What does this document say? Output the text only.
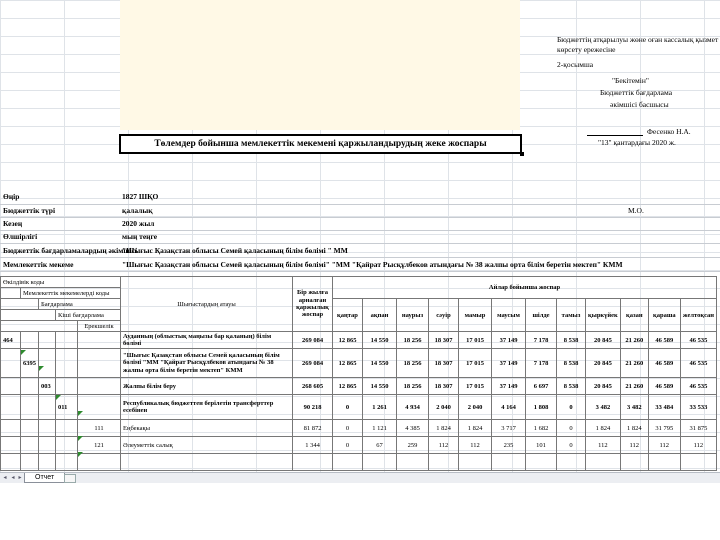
Бюджеттің атқарылуы жөне оған кассалық қызмет
көрсету ережесіне
2-қосымша
"Бекітемін"
Бюджеттік бағдарлама
әкімшісі басшысы
Фесенко Н.А.
"13" қантардағы 2020 ж.
Төлемдер бойынша мемлекеттік мекемені қаржыландырудың жеке жоспары
Өңір	1827 ШҚО
Бюджеттік түрі	қалалық	М.О.
Кезең	2020 жыл
Өлшірлігі	мың теңге
Бюджеттік бағдарламалардың әкімшісі
"Шығыс Қазақстан облысы Семей қаласының білім бөлімі " ММ
Мемлекеттік мекеме	"Шығыс Қазақстан облысы Семей қаласының білім бөлімі" "ММ "Қайрат Рысқұлбеков атындағы № 38 жалпы орта білім беретін мектеп" КММ
Өкілдівік коды					Шығыстардың атауы	Бір жылға арналған қаржылық жоспар	Айлар бойынша жоспар											
	Мемлекеттік мекемелерді коды																	
		Бағдарлама					қаңтар	ақпан	наурыз	сәуір	мамыр	маусым	шілде	тамыз	қыркүйек	қазан	қараша	желтоқсан
			Кіші бағдарлама															
				Ерекшелік														
464					Ауданның (облыстық маңызы бар қаланың) білім бөлімі	269 084	12 865	14 550	18 256	18 307	17 015	37 149	7 178	8 538	20 845	21 260	46 589	46 535
	6395				"Шығыс Қазақстан облысы Семей қаласының білім бөлімі "ММ "Қайрат Рысқұлбеков атындағы № 38 жалпы орта білім беретін мектеп" КММ	269 084	12 865	14 550	18 256	18 307	17 015	37 149	7 178	8 538	20 845	21 260	46 589	46 535
		003			Жалпы білім беру	268 605	12 865	14 550	18 256	18 307	17 015	37 149	6 697	8 538	20 845	21 260	46 589	46 535
			011		Республикалық бюджеттен берілетін трансферттер есебінен	90 218	0	1 261	4 934	2 040	2 040	4 164	1 808	0	3 482	3 482	33 484	33 533
				111	Еңбекақы	81 872	0	1 121	4 385	1 824	1 824	3 717	1 682	0	1 824	1 824	31 795	31 875
				121	Әлеуметтік салық	1 344	0	67	259	112	112	235	101	0	112	112	112	112

◂ ◂ ▸	Отчет
